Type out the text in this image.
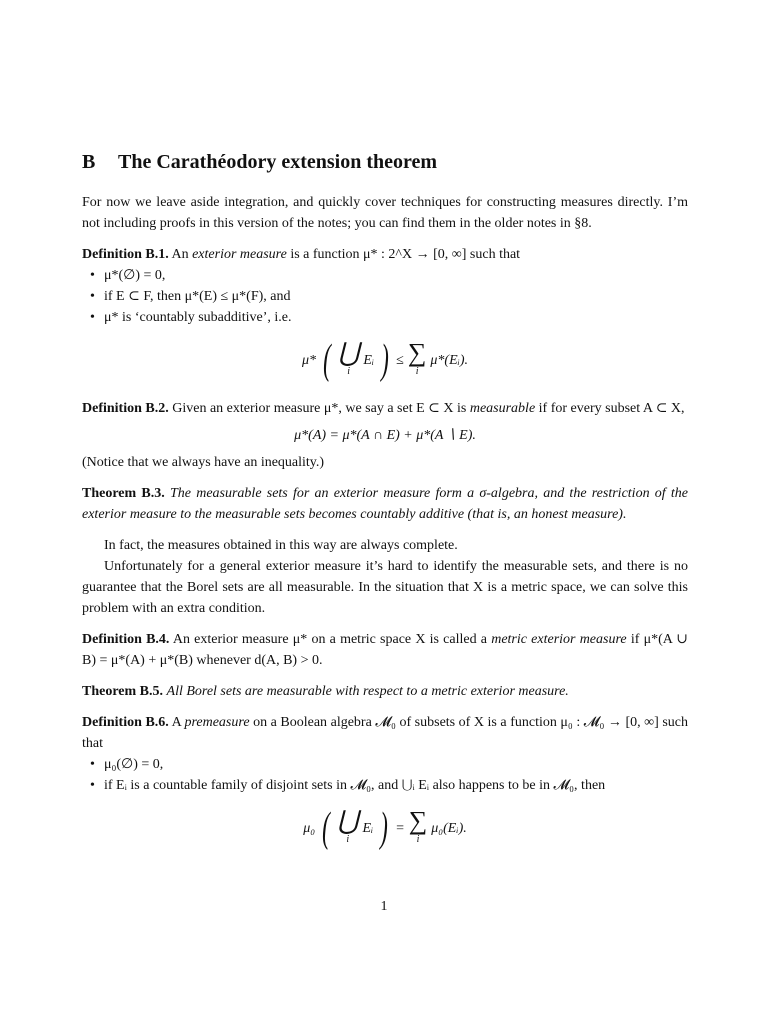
B The Carathéodory extension theorem

For now we leave aside integration, and quickly cover techniques for constructing measures directly. I’m not including proofs in this version of the notes; you can find them in the older notes in §8.

Definition B.1. An exterior measure is a function μ* : 2^X → [0, ∞] such that

• μ*(∅) = 0,
• if E ⊂ F, then μ*(E) ≤ μ*(F), and
• μ* is ‘countably subadditive’, i.e.
μ* ( ⋃
i
Eᵢ ) ≤ ∑
i
μ*(Eᵢ).

Definition B.2. Given an exterior measure μ*, we say a set E ⊂ X is measurable if for every subset A ⊂ X,

μ*(A) = μ*(A ∩ E) + μ*(A ∖ E).

(Notice that we always have an inequality.)

Theorem B.3. The measurable sets for an exterior measure form a σ-algebra, and the restriction of the exterior measure to the measurable sets becomes countably additive (that is, an honest measure).

In fact, the measures obtained in this way are always complete.

Unfortunately for a general exterior measure it’s hard to identify the measurable sets, and there is no guarantee that the Borel sets are all measurable. In the situation that X is a metric space, we can solve this problem with an extra condition.

Definition B.4. An exterior measure μ* on a metric space X is called a metric exterior measure if μ*(A ∪ B) = μ*(A) + μ*(B) whenever d(A, B) > 0.

Theorem B.5. All Borel sets are measurable with respect to a metric exterior measure.

Definition B.6. A premeasure on a Boolean algebra 𝓜₀ of subsets of X is a function μ₀ : 𝓜₀ → [0, ∞] such that

• μ₀(∅) = 0,
• if Eᵢ is a countable family of disjoint sets in 𝓜₀, and ⋃ᵢ Eᵢ also happens to be in 𝓜₀, then
μ₀ ( ⋃
i
Eᵢ ) = ∑
i
μ₀(Eᵢ).
1
